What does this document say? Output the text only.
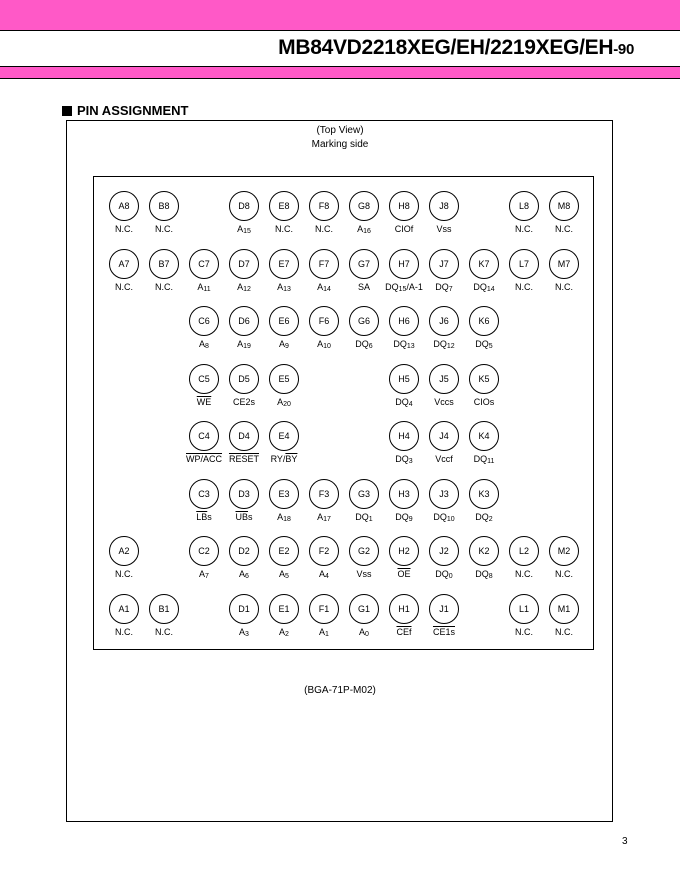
MB84VD2218XEG/EH/2219XEG/EH-90
PIN ASSIGNMENT
(Top View)
Marking side
A8
N.C.
B8
N.C.
D8
$A_{15}$
E8
N.C.
F8
N.C.
G8
$A_{16}$
H8
CIOf
J8
Vss
L8
N.C.
M8
N.C.
A7
N.C.
B7
N.C.
C7
$A_{11}$
D7
$A_{12}$
E7
$A_{13}$
F7
$A_{14}$
G7
SA
H7
$DQ_{15}/A-1$
J7
$DQ_7$
K7
$DQ_{14}$
L7
N.C.
M7
N.C.
C6
$A_8$
D6
$A_{19}$
E6
$A_9$
F6
$A_{10}$
G6
$DQ_6$
H6
$DQ_{13}$
J6
$DQ_{12}$
K6
$DQ_5$
C5
$\overline{WE}$
D5
CE2s
E5
$A_{20}$
H5
$DQ_4$
J5
Vccs
K5
CIOs
C4
WP/ACC
D4
RESET
E4
$RY/\overline{BY}$
H4
$DQ_3$
J4
Vccf
K4
$DQ_{11}$
C3
$\overline{LB}s$
D3
$\overline{UB}s$
E3
$A_{18}$
F3
$A_{17}$
G3
$DQ_1$
H3
$DQ_9$
J3
$DQ_{10}$
K3
$DQ_2$
A2
N.C.
C2
$A_7$
D2
$A_6$
E2
$A_5$
F2
$A_4$
G2
Vss
H2
$\overline{OE}$
J2
$DQ_0$
K2
$DQ_8$
L2
N.C.
M2
N.C.
A1
N.C.
B1
N.C.
D1
$A_3$
E1
$A_2$
F1
$A_1$
G1
$A_0$
H1
$\overline{CEf}$
J1
CE1s
L1
N.C.
M1
N.C.
(BGA-71P-M02)
3
